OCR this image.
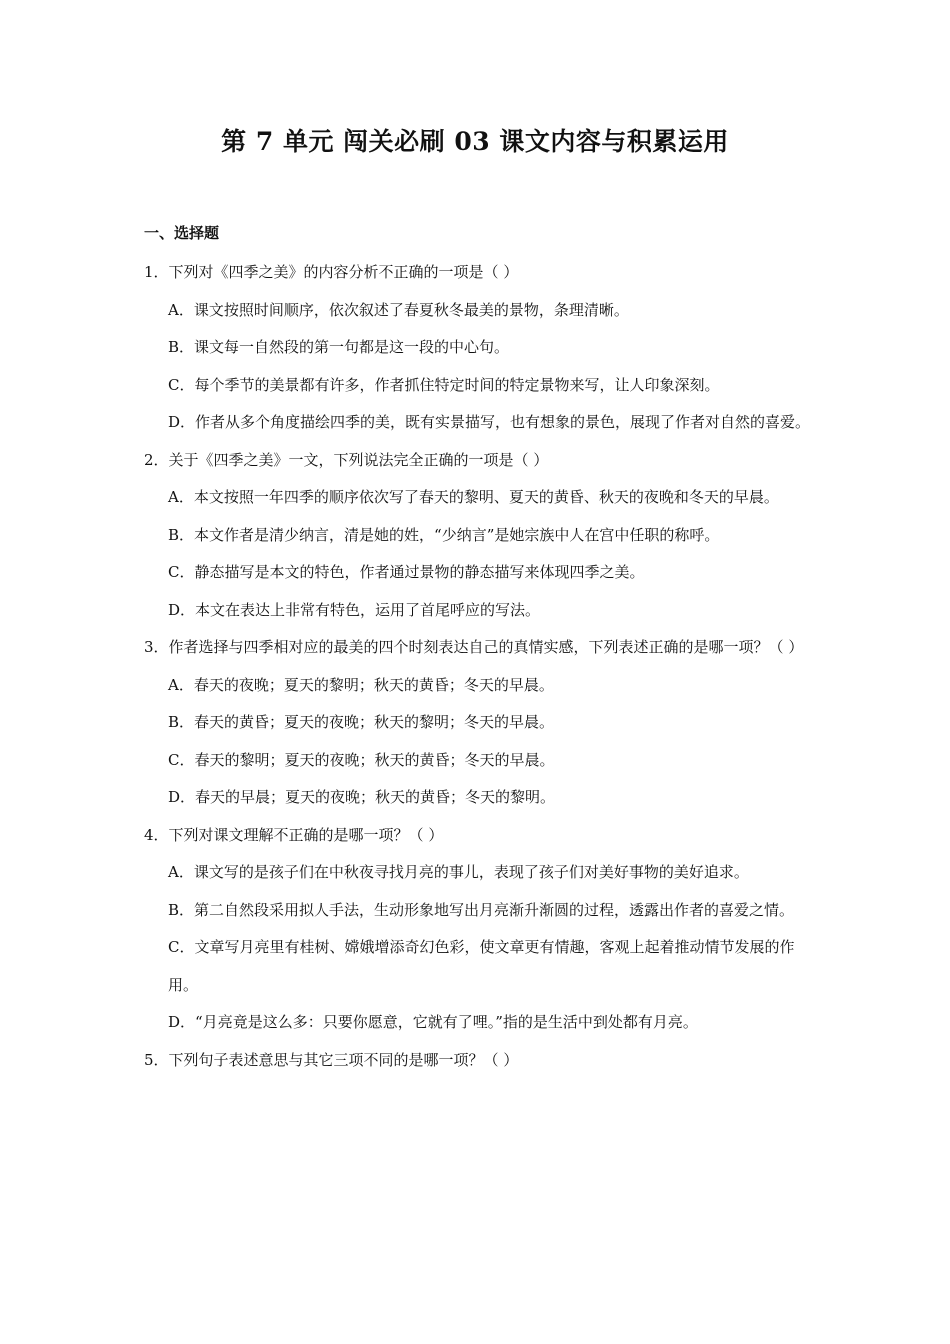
第 7 单元 闯关必刷 03 课文内容与积累运用
一、选择题

1．下列对《四季之美》的内容分析不正确的一项是（ ）

A．课文按照时间顺序，依次叙述了春夏秋冬最美的景物，条理清晰。

B．课文每一自然段的第一句都是这一段的中心句。

C．每个季节的美景都有许多，作者抓住特定时间的特定景物来写，让人印象深刻。

D．作者从多个角度描绘四季的美，既有实景描写，也有想象的景色，展现了作者对自然的喜爱。

2．关于《四季之美》一文，下列说法完全正确的一项是（ ）

A．本文按照一年四季的顺序依次写了春天的黎明、夏天的黄昏、秋天的夜晚和冬天的早晨。

B．本文作者是清少纳言，清是她的姓，“少纳言”是她宗族中人在宫中任职的称呼。

C．静态描写是本文的特色，作者通过景物的静态描写来体现四季之美。

D．本文在表达上非常有特色，运用了首尾呼应的写法。

3．作者选择与四季相对应的最美的四个时刻表达自己的真情实感，下列表述正确的是哪一项？（ ）

A．春天的夜晚；夏天的黎明；秋天的黄昏；冬天的早晨。

B．春天的黄昏；夏天的夜晚；秋天的黎明；冬天的早晨。

C．春天的黎明；夏天的夜晚；秋天的黄昏；冬天的早晨。

D．春天的早晨；夏天的夜晚；秋天的黄昏；冬天的黎明。

4．下列对课文理解不正确的是哪一项？（ ）

A．课文写的是孩子们在中秋夜寻找月亮的事儿，表现了孩子们对美好事物的美好追求。

B．第二自然段采用拟人手法，生动形象地写出月亮渐升渐圆的过程，透露出作者的喜爱之情。

C．文章写月亮里有桂树、嫦娥增添奇幻色彩，使文章更有情趣，客观上起着推动情节发展的作用。

D．“月亮竟是这么多：只要你愿意，它就有了哩。”指的是生活中到处都有月亮。

5．下列句子表述意思与其它三项不同的是哪一项？（ ）
